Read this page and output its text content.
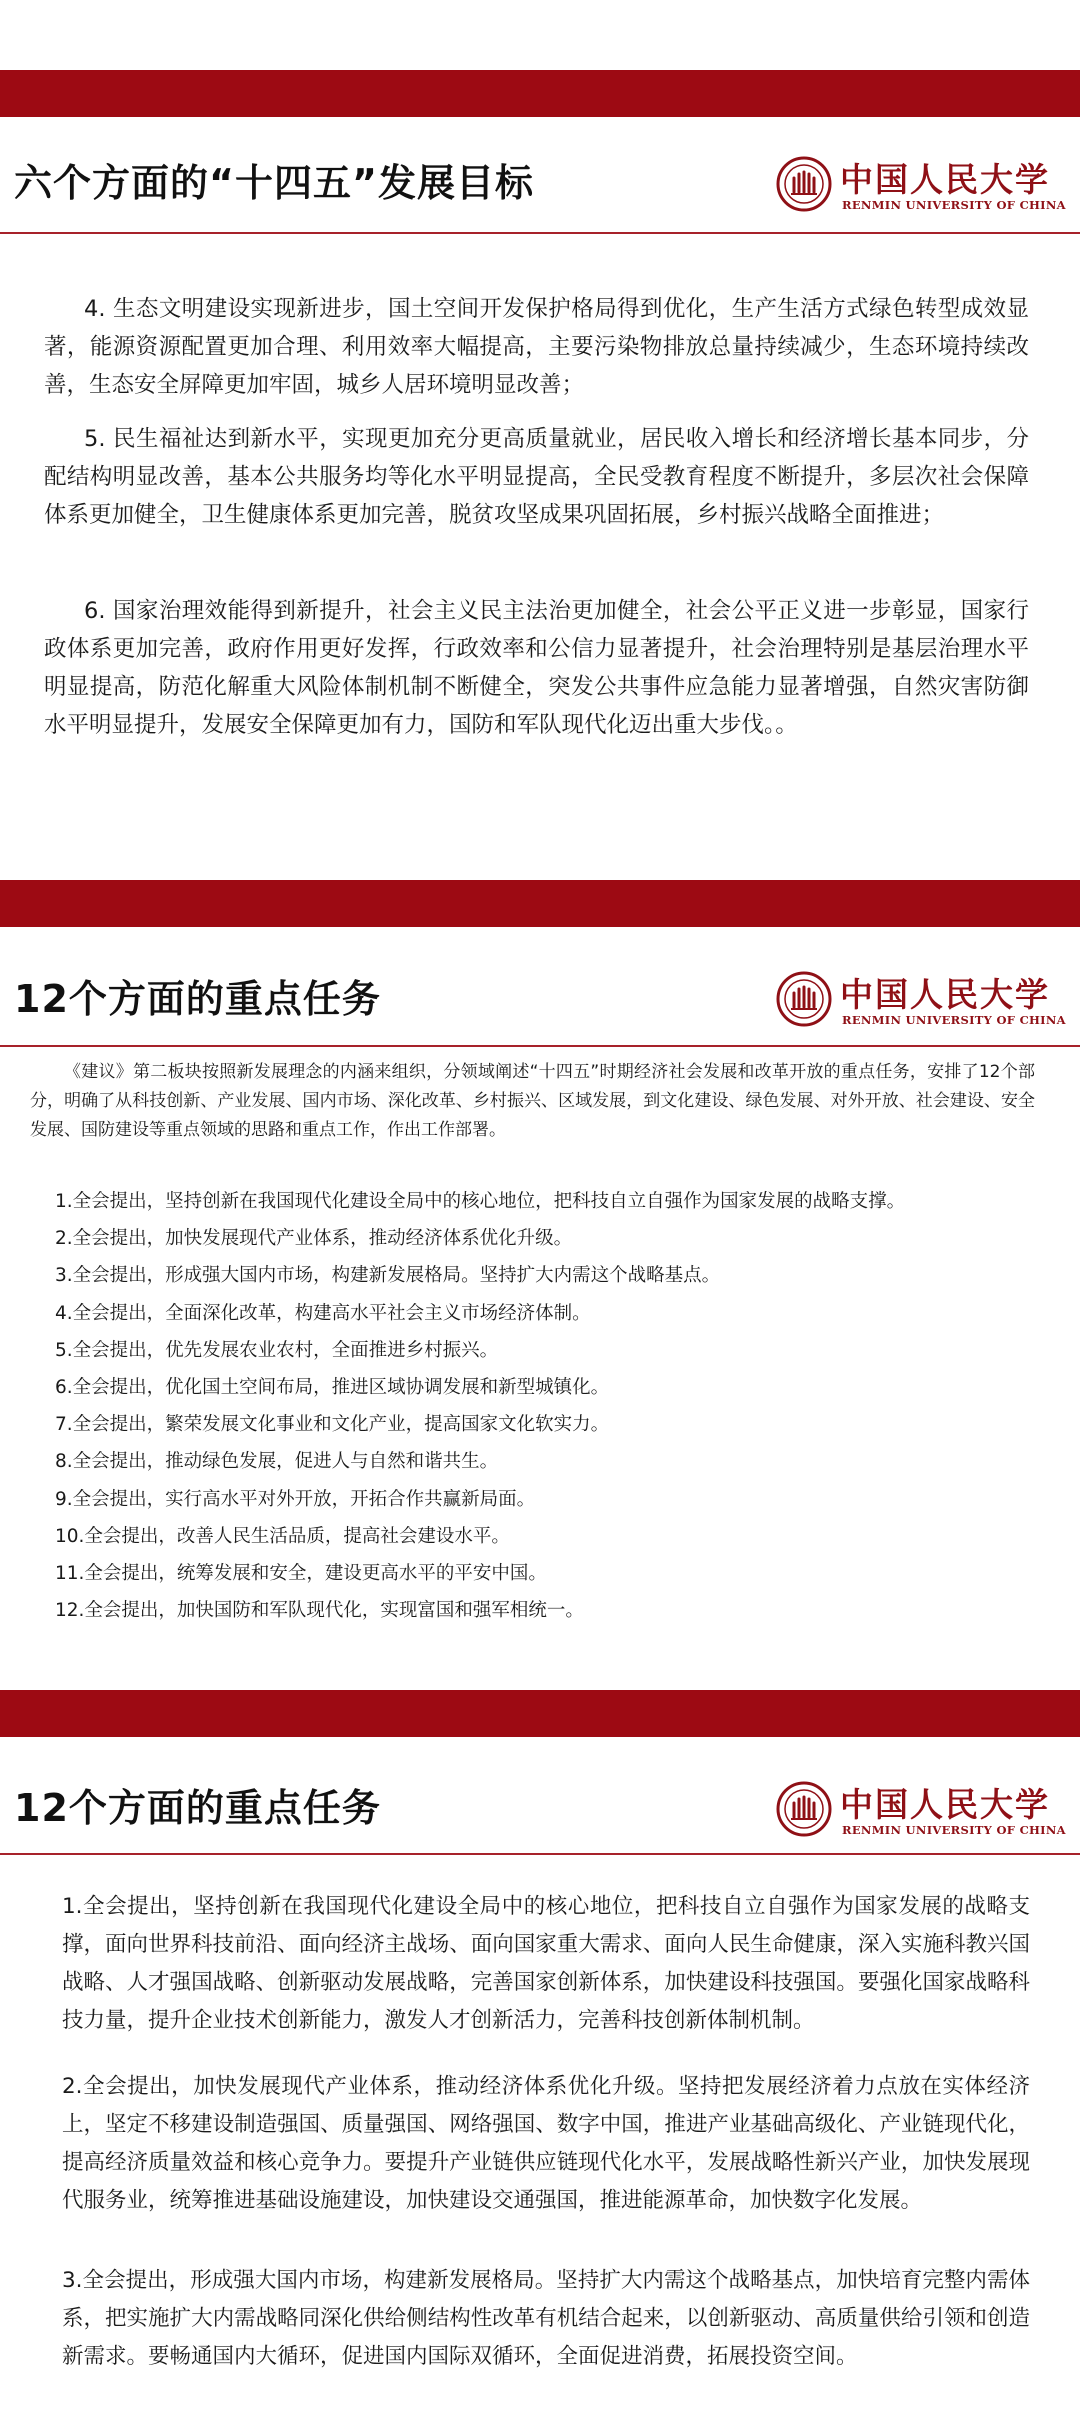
六个方面的“十四五”发展目标	中国人民大学
RENMIN UNIVERSITY OF CHINA

4. 生态文明建设实现新进步，国土空间开发保护格局得到优化，生产生活方式绿色转型成效显著，能源资源配置更加合理、利用效率大幅提高，主要污染物排放总量持续减少，生态环境持续改善，生态安全屏障更加牢固，城乡人居环境明显改善；

5. 民生福祉达到新水平，实现更加充分更高质量就业，居民收入增长和经济增长基本同步，分配结构明显改善，基本公共服务均等化水平明显提高，全民受教育程度不断提升，多层次社会保障体系更加健全，卫生健康体系更加完善，脱贫攻坚成果巩固拓展，乡村振兴战略全面推进；

6. 国家治理效能得到新提升，社会主义民主法治更加健全，社会公平正义进一步彰显，国家行政体系更加完善，政府作用更好发挥，行政效率和公信力显著提升，社会治理特别是基层治理水平明显提高，防范化解重大风险体制机制不断健全，突发公共事件应急能力显著增强，自然灾害防御水平明显提升，发展安全保障更加有力，国防和军队现代化迈出重大步伐。。

12个方面的重点任务	中国人民大学
RENMIN UNIVERSITY OF CHINA

《建议》第二板块按照新发展理念的内涵来组织，分领域阐述“十四五”时期经济社会发展和改革开放的重点任务，安排了12个部分，明确了从科技创新、产业发展、国内市场、深化改革、乡村振兴、区域发展，到文化建设、绿色发展、对外开放、社会建设、安全发展、国防建设等重点领域的思路和重点工作，作出工作部署。

1.全会提出，坚持创新在我国现代化建设全局中的核心地位，把科技自立自强作为国家发展的战略支撑。
2.全会提出，加快发展现代产业体系，推动经济体系优化升级。
3.全会提出，形成强大国内市场，构建新发展格局。坚持扩大内需这个战略基点。
4.全会提出，全面深化改革，构建高水平社会主义市场经济体制。
5.全会提出，优先发展农业农村，全面推进乡村振兴。
6.全会提出，优化国土空间布局，推进区域协调发展和新型城镇化。
7.全会提出，繁荣发展文化事业和文化产业，提高国家文化软实力。
8.全会提出，推动绿色发展，促进人与自然和谐共生。
9.全会提出，实行高水平对外开放，开拓合作共赢新局面。
10.全会提出，改善人民生活品质，提高社会建设水平。
11.全会提出，统筹发展和安全，建设更高水平的平安中国。
12.全会提出，加快国防和军队现代化，实现富国和强军相统一。
12个方面的重点任务	中国人民大学
RENMIN UNIVERSITY OF CHINA

1.全会提出，坚持创新在我国现代化建设全局中的核心地位，把科技自立自强作为国家发展的战略支撑，面向世界科技前沿、面向经济主战场、面向国家重大需求、面向人民生命健康，深入实施科教兴国战略、人才强国战略、创新驱动发展战略，完善国家创新体系，加快建设科技强国。要强化国家战略科技力量，提升企业技术创新能力，激发人才创新活力，完善科技创新体制机制。

2.全会提出，加快发展现代产业体系，推动经济体系优化升级。坚持把发展经济着力点放在实体经济上，坚定不移建设制造强国、质量强国、网络强国、数字中国，推进产业基础高级化、产业链现代化，提高经济质量效益和核心竞争力。要提升产业链供应链现代化水平，发展战略性新兴产业，加快发展现代服务业，统筹推进基础设施建设，加快建设交通强国，推进能源革命，加快数字化发展。

3.全会提出，形成强大国内市场，构建新发展格局。坚持扩大内需这个战略基点，加快培育完整内需体系，把实施扩大内需战略同深化供给侧结构性改革有机结合起来，以创新驱动、高质量供给引领和创造新需求。要畅通国内大循环，促进国内国际双循环，全面促进消费，拓展投资空间。
